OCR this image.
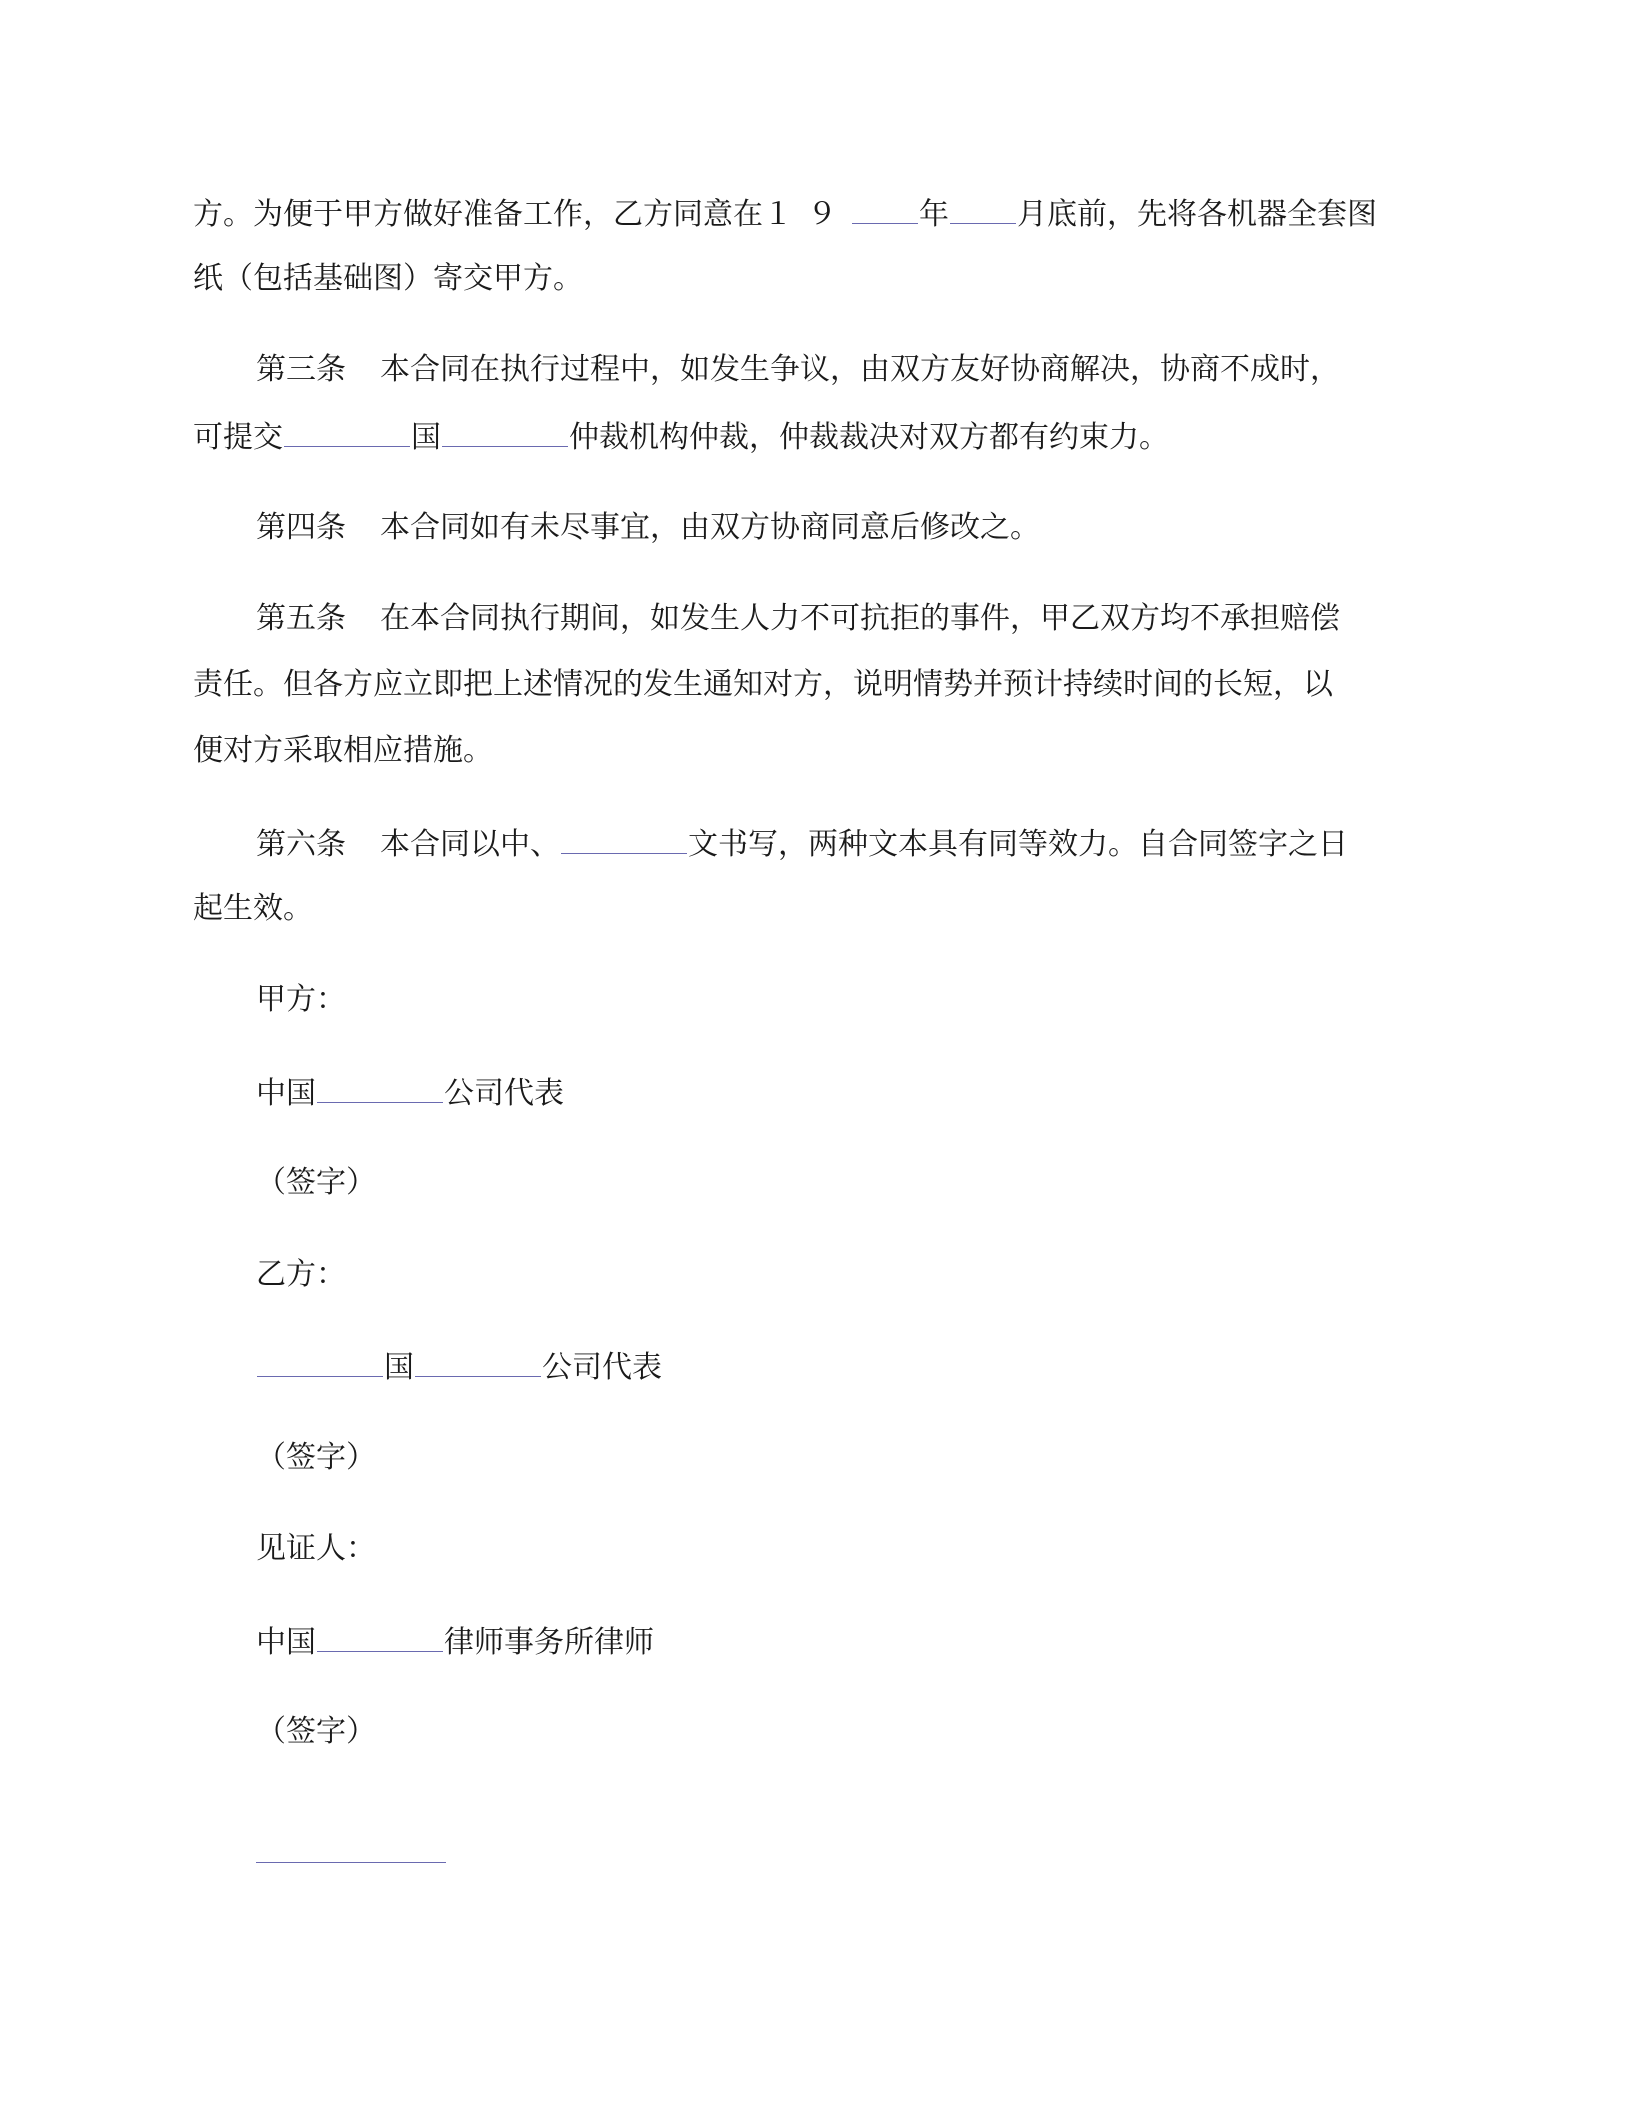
方。为便于甲方做好准备工作，乙方同意在１９ 年 月底前，先将各机器全套图
纸（包括基础图）寄交甲方。
第三条 本合同在执行过程中，如发生争议，由双方友好协商解决，协商不成时，
可提交	国	仲裁机构仲裁，仲裁裁决对双方都有约束力。
第四条 本合同如有未尽事宜，由双方协商同意后修改之。
第五条 在本合同执行期间，如发生人力不可抗拒的事件，甲乙双方均不承担赔偿
责任。但各方应立即把上述情况的发生通知对方，说明情势并预计持续时间的长短，以
便对方采取相应措施。
第六条 本合同以中、	文书写，两种文本具有同等效力。自合同签字之日
起生效。
甲方：
中国	公司代表
（签字）
乙方：
国	公司代表
（签字）
见证人：
中国	律师事务所律师
（签字）
